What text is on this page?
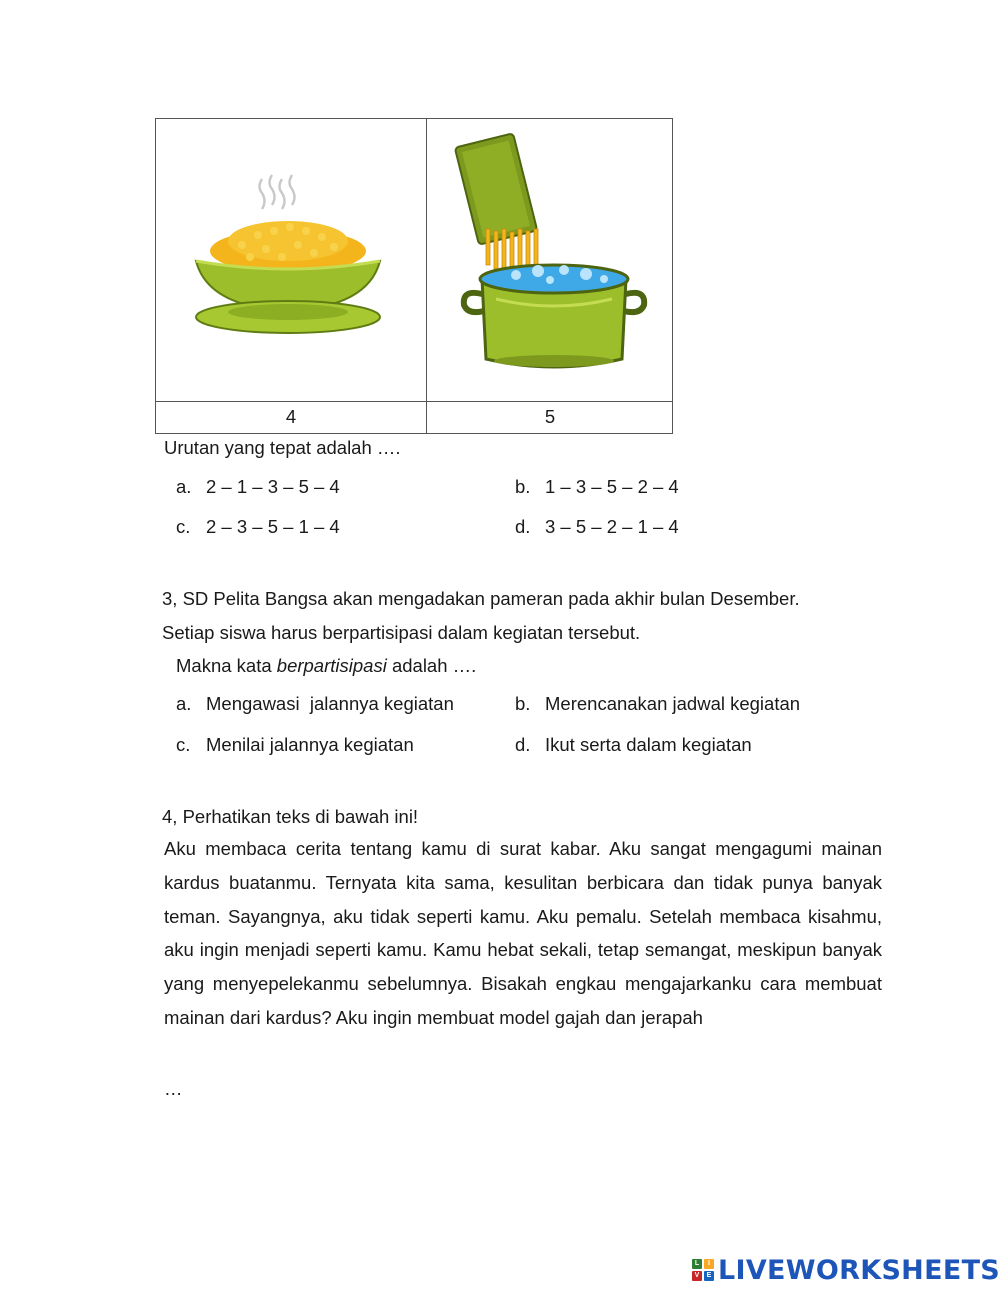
4	5
Urutan yang tepat adalah ….
a. 2 – 1 – 3 – 5 – 4	b. 1 – 3 – 5 – 2 – 4
c. 2 – 3 – 5 – 1 – 4	d. 3 – 5 – 2 – 1 – 4
3, SD Pelita Bangsa akan mengadakan pameran pada akhir bulan Desember.
Setiap siswa harus berpartisipasi dalam kegiatan tersebut.
Makna kata berpartisipasi adalah ….
a. Mengawasi  jalannya kegiatan	b. Merencanakan jadwal kegiatan
c. Menilai jalannya kegiatan	d. Ikut serta dalam kegiatan
4, Perhatikan teks di bawah ini!
Aku membaca cerita tentang kamu di surat kabar. Aku sangat mengagumi mainan kardus buatanmu. Ternyata kita sama, kesulitan berbicara dan tidak punya banyak teman. Sayangnya, aku tidak seperti kamu. Aku pemalu. Setelah membaca kisahmu, aku ingin menjadi seperti kamu. Kamu hebat sekali, tetap semangat, meskipun banyak yang menyepelekanmu sebelumnya. Bisakah engkau mengajarkanku cara membuat mainan dari kardus? Aku ingin membuat model gajah dan jerapah
…
L	I
V	E LIVEWORKSHEETS
